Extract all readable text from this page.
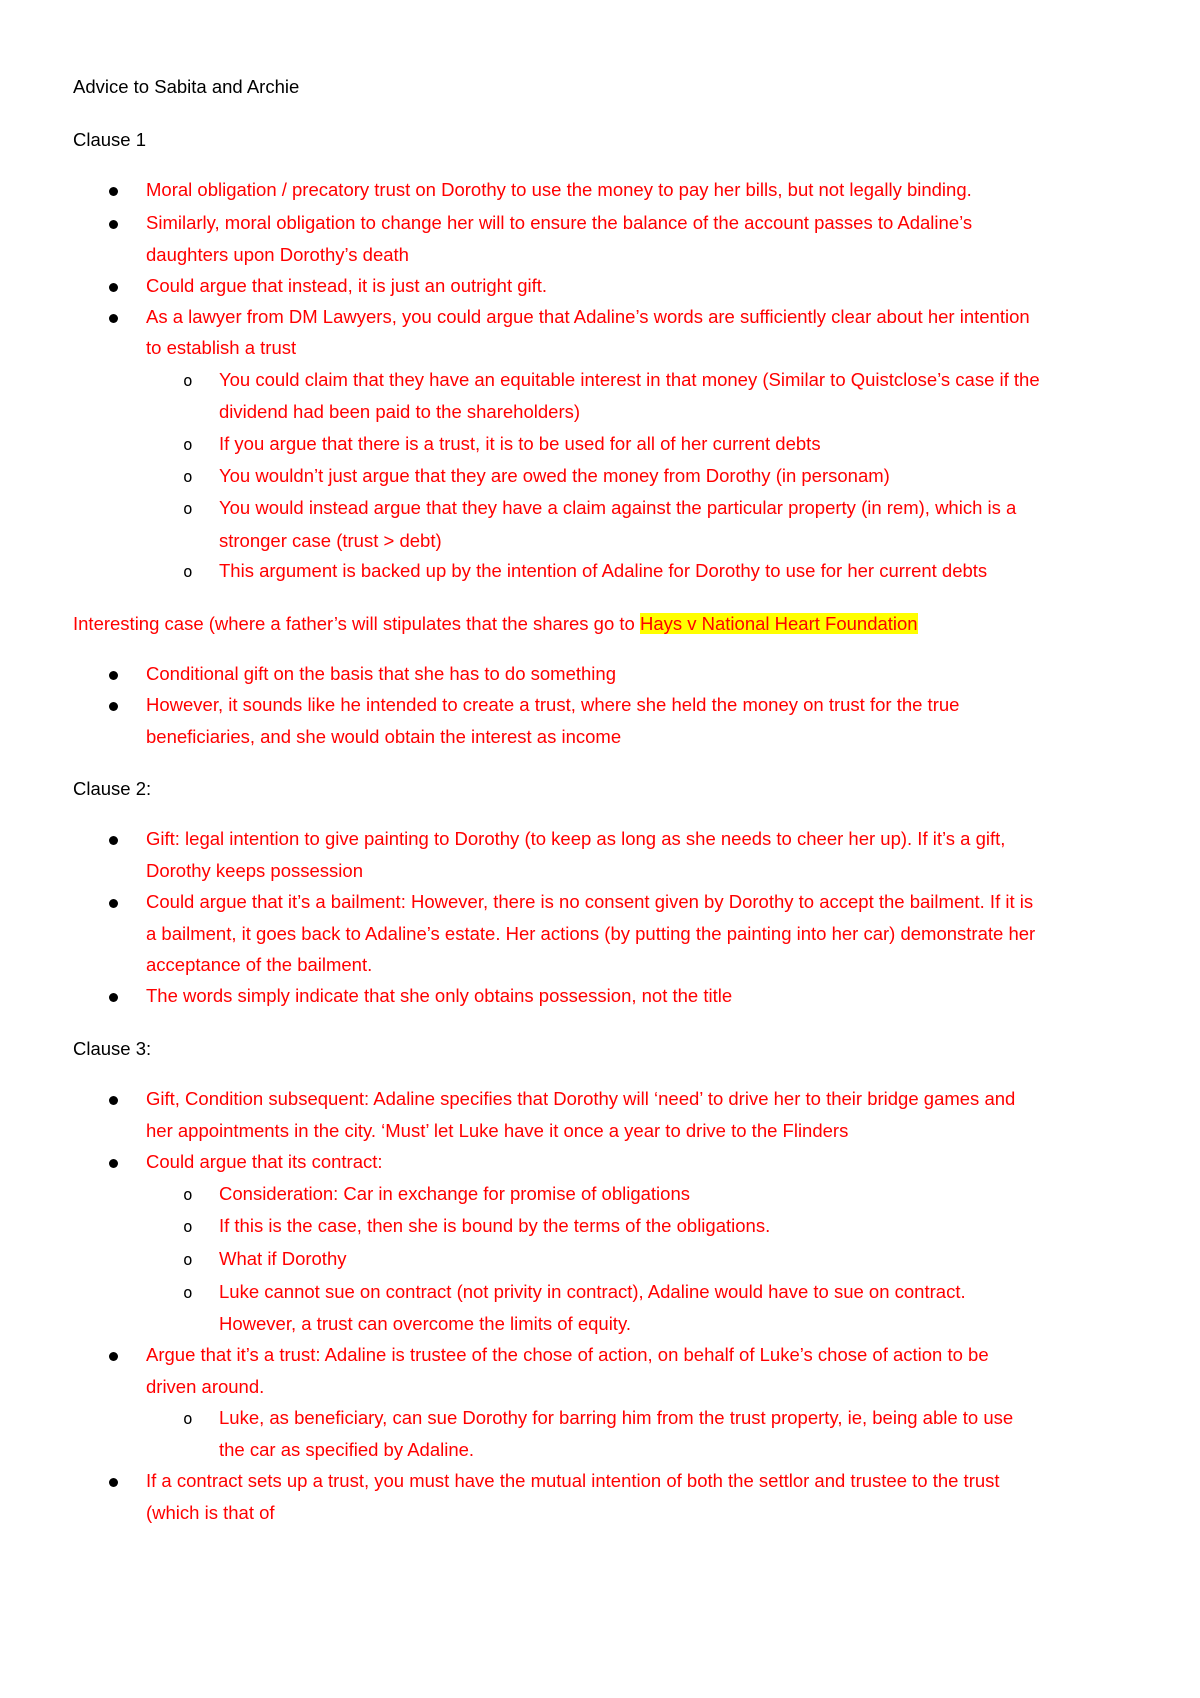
Advice to Sabita and Archie
Clause 1
Moral obligation / precatory trust on Dorothy to use the money to pay her bills, but not legally binding.
Similarly, moral obligation to change her will to ensure the balance of the account passes to Adaline’s
daughters upon Dorothy’s death
Could argue that instead, it is just an outright gift.
As a lawyer from DM Lawyers, you could argue that Adaline’s words are sufficiently clear about her intention
to establish a trust
o You could claim that they have an equitable interest in that money (Similar to Quistclose’s case if the
dividend had been paid to the shareholders)
o If you argue that there is a trust, it is to be used for all of her current debts
o You wouldn’t just argue that they are owed the money from Dorothy (in personam)
o You would instead argue that they have a claim against the particular property (in rem), which is a
stronger case (trust > debt)
o This argument is backed up by the intention of Adaline for Dorothy to use for her current debts
Interesting case (where a father’s will stipulates that the shares go to Hays v National Heart Foundation
Conditional gift on the basis that she has to do something
However, it sounds like he intended to create a trust, where she held the money on trust for the true
beneficiaries, and she would obtain the interest as income
Clause 2:
Gift: legal intention to give painting to Dorothy (to keep as long as she needs to cheer her up). If it’s a gift,
Dorothy keeps possession
Could argue that it’s a bailment: However, there is no consent given by Dorothy to accept the bailment. If it is
a bailment, it goes back to Adaline’s estate. Her actions (by putting the painting into her car) demonstrate her
acceptance of the bailment.
The words simply indicate that she only obtains possession, not the title
Clause 3:
Gift, Condition subsequent: Adaline specifies that Dorothy will ‘need’ to drive her to their bridge games and
her appointments in the city. ‘Must’ let Luke have it once a year to drive to the Flinders
Could argue that its contract:
o Consideration: Car in exchange for promise of obligations
o If this is the case, then she is bound by the terms of the obligations.
o What if Dorothy
o Luke cannot sue on contract (not privity in contract), Adaline would have to sue on contract.
However, a trust can overcome the limits of equity.
Argue that it’s a trust: Adaline is trustee of the chose of action, on behalf of Luke’s chose of action to be
driven around.
o Luke, as beneficiary, can sue Dorothy for barring him from the trust property, ie, being able to use
the car as specified by Adaline.
If a contract sets up a trust, you must have the mutual intention of both the settlor and trustee to the trust
(which is that of
